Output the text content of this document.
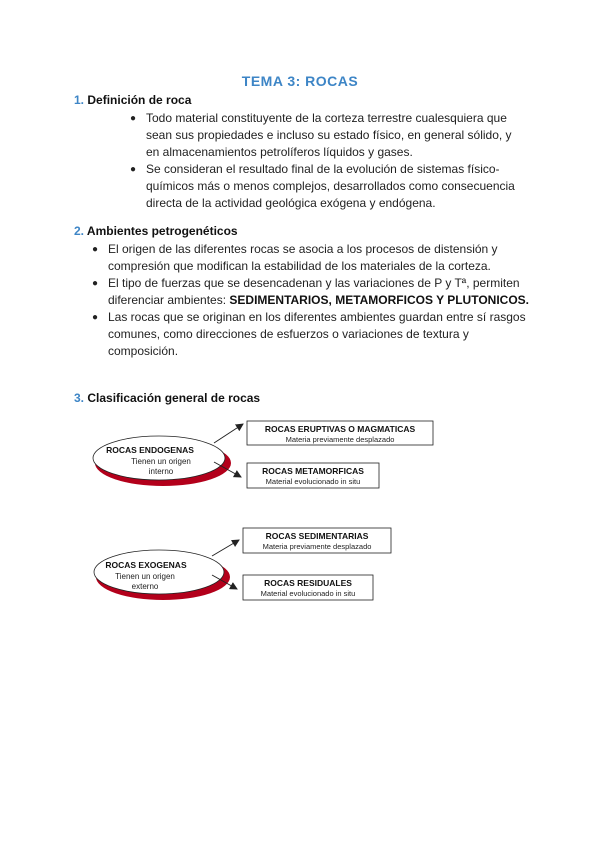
TEMA 3: ROCAS
1. Definición de roca
● Todo material constituyente de la corteza terrestre cualesquiera que sean sus propiedades e incluso su estado físico, en general sólido, y en almacenamientos petrolíferos líquidos y gases.
● Se consideran el resultado final de la evolución de sistemas físico-químicos más o menos complejos, desarrollados como consecuencia directa de la actividad geológica exógena y endógena.
2. Ambientes petrogenéticos
● El origen de las diferentes rocas se asocia a los procesos de distensión y compresión que modifican la estabilidad de los materiales de la corteza.
● El tipo de fuerzas que se desencadenan y las variaciones de P y Tª, permiten diferenciar ambientes: SEDIMENTARIOS, METAMORFICOS Y PLUTONICOS.
● Las rocas que se originan en los diferentes ambientes guardan entre sí rasgos comunes, como direcciones de esfuerzos o variaciones de textura y composición.
3. Clasificación general de rocas
ROCAS ENDOGENAS
Tienen un origen
interno
ROCAS ERUPTIVAS O MAGMATICAS
Materia previamente desplazado
ROCAS METAMORFICAS
Material evolucionado in situ
ROCAS EXOGENAS
Tienen un origen
externo
ROCAS SEDIMENTARIAS
Materia previamente desplazado
ROCAS RESIDUALES
Material evolucionado in situ
